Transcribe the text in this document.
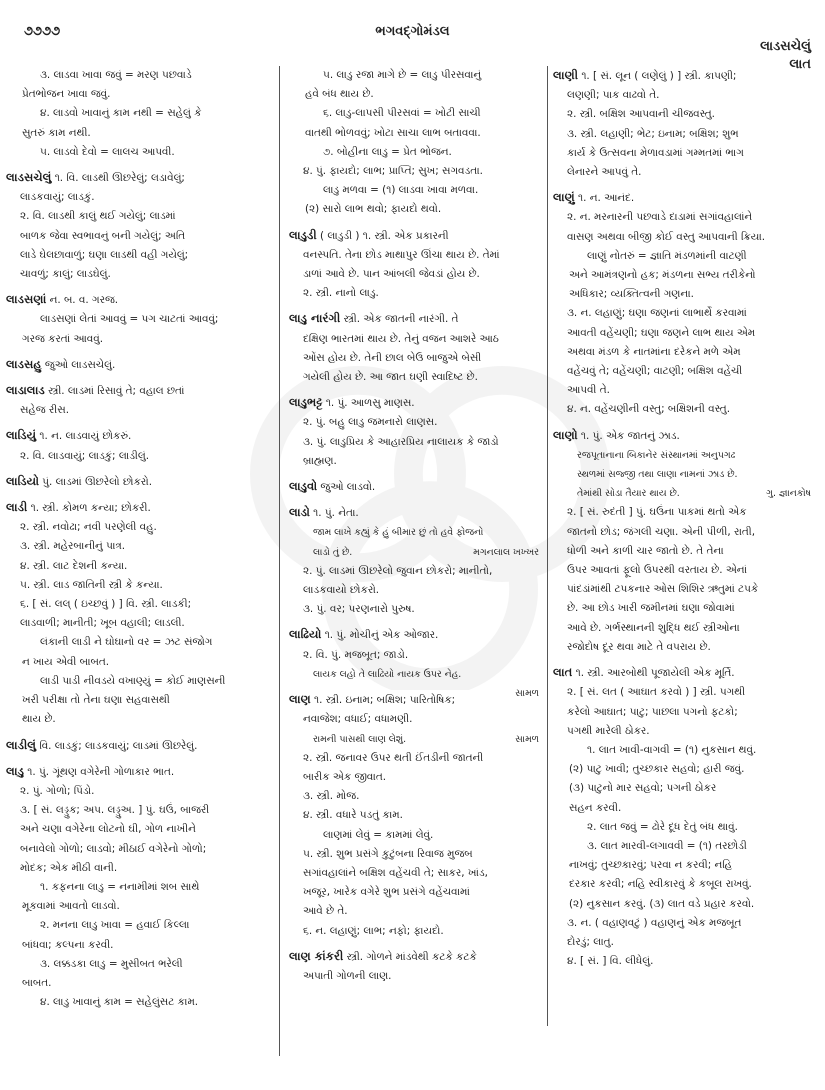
૭૭૭૭	ભગવદ્ગોમંડલ
લાડસચેલું
લાત
૩. લાડવા ખાવા જવું = મરણ પછવાડે
પ્રેતભોજન ખાવા જવું.
૪. લાડવો ખાવાનું કામ નથી = સહેલું કે
સુતરું કામ નથી.
૫. લાડવો દેવો = લાલચ આપવી.
લાડસચેલું ૧. વિ. લાડથી ઊછરેલું; લડાવેલું;
લાડકવાયું; લાડકું.
૨. વિ. લાડથી કાલું થઈ ગયેલું; લાડમાં
બાળક જેવા સ્વભાવનું બની ગયેલું; અતિ
લાડે ઘેલછાવાળું; ઘણા લાડથી વહી ગયેલું;
ચાવળું; કાલું; લાડઘેલું.
લાડસણાં ન. બ. વ. ગરજ.
લાડસણાં લેતાં આવવું = પગ ચાટતાં આવવું;
ગરજ કરતાં આવવું.
લાડસહુ જુઓ લાડસચેલું.
લાડાલાડ સ્ત્રી. લાડમાં રિસાવું તે; વહાલ છતાં
સહેજ રીસ.
લાડિયું ૧. ન. લાડવાયું છોકરું.
૨. વિ. લાડવાયું; લાડકું; લાડીલું.
લાડિયો પું. લાડમાં ઊછરેલો છોકરો.
લાડી ૧. સ્ત્રી. કોમળ કન્યા; છોકરી.
૨. સ્ત્રી. નવોઢા; નવી પરણેલી વહુ.
૩. સ્ત્રી. મહેરબાનીનું પાત્ર.
૪. સ્ત્રી. લાટ દેશની કન્યા.
૫. સ્ત્રી. લાડ જાતિની સ્ત્રી કે કન્યા.
૬. [ સં. લલ્ ( ઇચ્છવું ) ] વિ. સ્ત્રી. લાડકી;
લાડવાળી; માનીતી; ખૂબ વહાલી; લાડલી.
લંકાની લાડી ને ઘોઘાનો વર = ઝટ સંજોગ
ન ખાય એવી બાબત.
લાડી પાડી નીવડયે વખાણ્યું = કોઈ માણસની
ખરી પરીક્ષા તો તેના ઘણા સહવાસથી
થાય છે.
લાડીલું વિ. લાડકું; લાડકવાયું; લાડમાં ઊછરેલું.
લાડુ ૧. પું. ગૂંથણ વગેરેની ગોળાકાર ભાત.
૨. પું. ગોળો; પિંડો.
૩. [ સં. લડ્ડુક; અપ. લડ્ડુઅ. ] પું. ઘઉં, બાજરી
અને ચણા વગેરેના લોટનો ઘી, ગોળ નાખીને
બનાવેલો ગોળો; લાડવો; મીઠાઈ વગેરેનો ગોળો;
મોદક; એક મીઠી વાની.
૧. કફનના લાડુ = નનામીમાં શબ સાથે
મૂકવામાં આવતો લાડવો.
૨. મનના લાડુ ખાવા = હવાઈ કિલ્લા
બાંધવા; કલ્પના કરવી.
૩. લક્કડકા લાડુ = મુસીબત ભરેલી
બાબત.
૪. લાડુ ખાવાનું કામ = સહેલુંસટ કામ.
૫. લાડુ રજા માગે છે = લાડુ પીરસવાનું
હવે બંધ થાય છે.
૬. લાડુ-લાપસી પીરસવાં = ખોટી સાચી
વાતથી ભોળવવું; ખોટા સાચા લાભ બતાવવા.
૭. બોહીના લાડુ = પ્રેત ભોજન.
૪. પું. ફાયદો; લાભ; પ્રાપ્તિ; સુખ; સગવડતા.
લાડુ મળવા = (૧) લાડવા ખાવા મળવા.
(૨) સારો લાભ થવો; ફાયદો થવો.
લાડુડી ( લાડુડી ) ૧. સ્ત્રી. એક પ્રકારની
વનસ્પતિ. તેના છોડ માથાપુર ઊંચા થાય છે. તેમાં
ડાળાં આવે છે. પાન આંબલી જેવડાં હોય છે.
૨. સ્ત્રી. નાનો લાડુ.
લાડુ નારંગી સ્ત્રી. એક જાતની નારંગી. તે
દક્ષિણ ભારતમાં થાય છે. તેનું વજન આશરે આઠ
ઓંસ હોય છે. તેની છાલ બેઉ બાજુએ બેસી
ગયેલી હોય છે. આ જાત ઘણી સ્વાદિષ્ટ છે.
લાડુભટ્ટ ૧. પું. આળસુ માણસ.
૨. પું. બહુ લાડુ જમનારો લાણસ.
૩. પું. લાડુપ્રિય કે આહારપ્રિય નાલાયક કે જાડો
બ્રાહ્મણ.
લાડુવો જુઓ લાડવો.
લાડો ૧. પું. નેતા.
જામ લાખે કહ્યું કે હું બીમાર છું તો હવે ફોજનો
મગનલાલ ખખ્ખર
લાડો તું છે.
૨. પું. લાડમાં ઊછરેલો જુવાન છોકરો; માનીતો,
લાડકવાયો છોકરો.
૩. પું. વર; પરણનારો પુરુષ.
લાઢિયો ૧. પું. મોચીનું એક ઓજાર.
૨. વિ. પું. મજબૂત; જાડો.
લાયક લહો તે લાઢિયો નાયક ઉપર નેહ.
સામળ
લાણ ૧. સ્ત્રી. ઇનામ; બક્ષિશ; પારિતોષિક;
નવાજેશ; વધાઈ; વધામણી.
સામળ
રામની પાસથી લાણ લેશું.
૨. સ્ત્રી. જનાવર ઉપર થતી ઈંતડીની જાતની
બારીક એક જીવાત.
૩. સ્ત્રી. મોજ.
૪. સ્ત્રી. વધારે પડતું કામ.
લાણમાં લેવું = કામમાં લેવું.
૫. સ્ત્રી. શુભ પ્રસંગે કુટુંબના રિવાજ મુજબ
સગાંવહાલાંને બક્ષિશ વહેંચવી તે; સાકર, ખાંડ,
ખજૂર, ખારેક વગેરે શુભ પ્રસંગે વહેંચવામાં
આવે છે તે.
૬. ન. લહાણું; લાભ; નફો; ફાયદો.
લાણ કાંકરી સ્ત્રી. ગોળને માંડવેથી કટકે કટકે
અપાતી ગોળની લાણ.
લાણી ૧. [ સં. લૂન ( લણેલું ) ] સ્ત્રી. કાપણી;
લણણી; પાક વાઢવો તે.
૨. સ્ત્રી. બક્ષિશ આપવાની ચીજવસ્તુ.
૩. સ્ત્રી. લહાણી; ભેટ; ઇનામ; બક્ષિશ; શુભ
કાર્ય કે ઉત્સવના મેળાવડામાં ગમ્મતમાં ભાગ
લેનારને આપવું તે.
લાણું ૧. ન. આનંદ.
૨. ન. મરનારની પછવાડે દાડામાં સગાંવહાલાંને
વાસણ અથવા બીજી કોઈ વસ્તુ આપવાની ક્રિયા.
લાણું નોતરું = જ્ઞાતિ મંડળમાંની વાટણી
અને આમંત્રણનો હક; મંડળના સભ્ય તરીકેનો
અધિકાર; વ્યક્તિત્વની ગણના.
૩. ન. લહાણું; ઘણા જણનાં લાભાર્થે કરવામાં
આવતી વહેંચણી; ઘણા જણને લાભ થાય એમ
અથવા મંડળ કે નાતમાંના દરેકને મળે એમ
વહેંચવું તે; વહેંચણી; વાટણી; બક્ષિશ વહેંચી
આપવી તે.
૪. ન. વહેંચણીની વસ્તુ; બક્ષિશની વસ્તુ.
લાણો ૧. પું. એક જાતનું ઝાડ.
રજપૂતાનાના બિકાનેર સંસ્થાનમાં અનુપગઢ
સ્થળમાં સજ્જી તથા લાણા નામનાં ઝાડ છે.
ગુ. જ્ઞાનકોષ
તેમાંથી સોડા તૈયાર થાય છે.
૨. [ સં. રુદંતી ] પું. ઘઉંના પાકમાં થતો એક
જાતનો છોડ; જંગલી ચણા. એની પીળી, રાતી,
ધોળી અને કાળી ચાર જાતો છે. તે તેના
ઉપર આવતાં ફૂલો ઉપરથી વરતાય છે. એનાં
પાંદડાંમાંથી ટપકનાર ઓસ શિશિર ઋતુમાં ટપકે
છે. આ છોડ ખારી જમીનમાં ઘણા જોવામાં
આવે છે. ગર્ભસ્થાનની શુદ્ધિ થઈ સ્ત્રીઓના
રજોદોષ દૂર થવા માટે તે વપરાય છે.
લાત ૧. સ્ત્રી. આરબોથી પૂજાયેલી એક મૂર્તિ.
૨. [ સં. લત ( આઘાત કરવો ) ] સ્ત્રી. પગથી
કરેલો આઘાત; પાટુ; પાછલા પગનો ફટકો;
પગથી મારેલી ઠોકર.
૧. લાત ખાવી-વાગવી = (૧) નુકસાન થવું.
(૨) પાટુ ખાવી; તુચ્છકાર સહવો; હારી જવું.
(૩) પાટુનો માર સહવો; પગની ઠોકર
સહન કરવી.
૨. લાત જવું = ઢોરે દૂધ દેતું બંધ થાવું.
૩. લાત મારવી-લગાવવી = (૧) તરછોડી
નાખવું; તુચ્છકારવું; પરવા ન કરવી; નહિ
દરકાર કરવી; નહિ સ્વીકારવું કે કબૂલ રાખવું.
(૨) નુકસાન કરવું. (૩) લાત વડે પ્રહાર કરવો.
૩. ન. ( વહાણવટું ) વહાણનું એક મજબૂત
દોરડું; લાતુ.
૪. [ સં. ] વિ. લીધેલું.
